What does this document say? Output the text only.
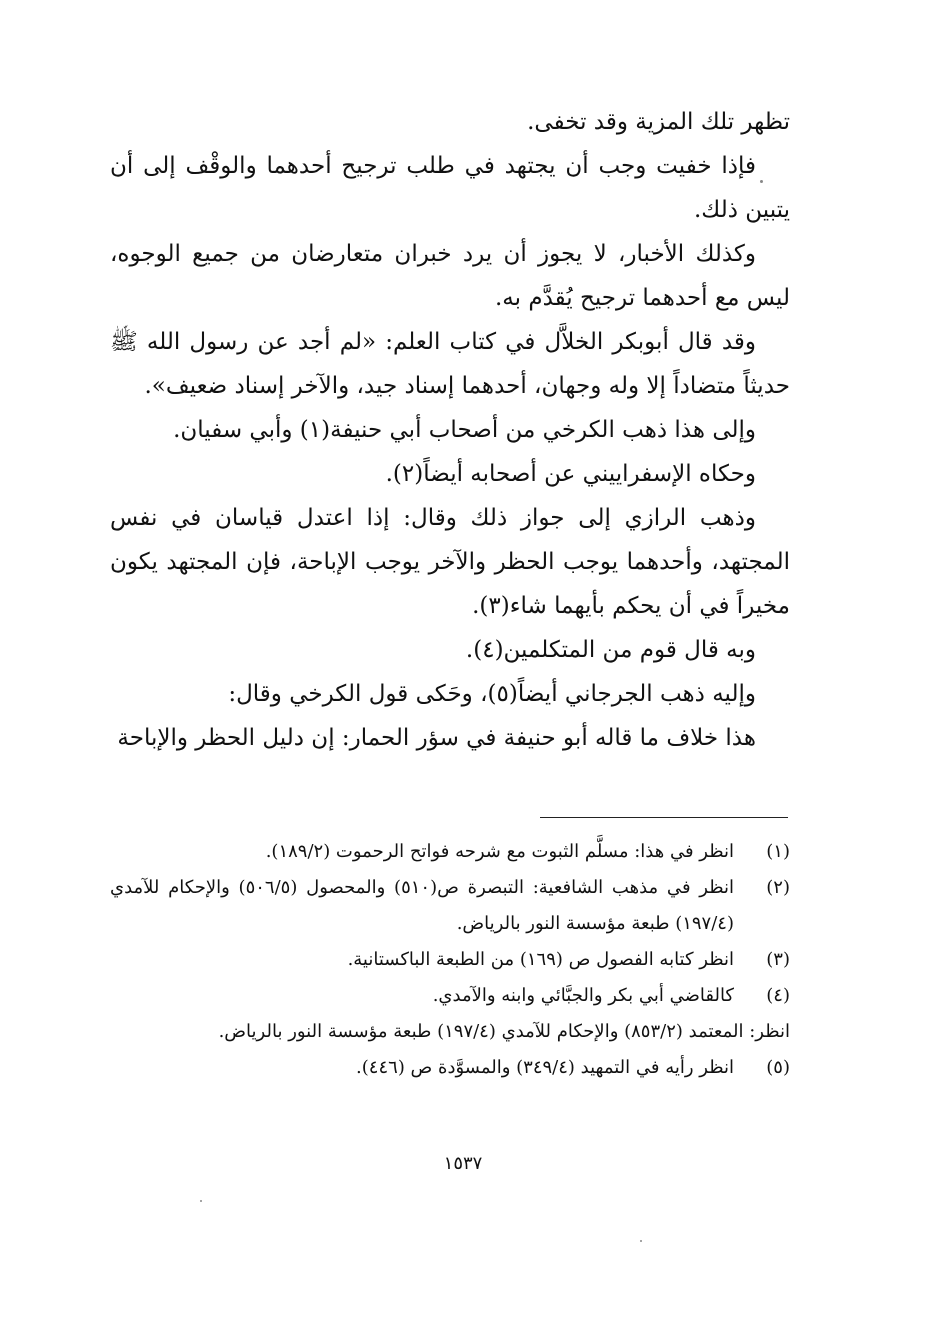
تظهر تلك المزية وقد تخفى.

فإذا خفيت وجب أن يجتهد في طلب ترجيح أحدهما والوقْف إلى أن يتبين ذلك.

وكذلك الأخبار، لا يجوز أن يرد خبران متعارضان من جميع الوجوه، ليس مع أحدهما ترجيح يُقدَّم به.

وقد قال أبوبكر الخلاَّل في كتاب العلم: «لم أجد عن رسول الله ﷺ حديثاً متضاداً إلا وله وجهان، أحدهما إسناد جيد، والآخر إسناد ضعيف».

وإلى هذا ذهب الكرخي من أصحاب أبي حنيفة(١) وأبي سفيان.

وحكاه الإسفراييني عن أصحابه أيضاً(٢).

وذهب الرازي إلى جواز ذلك وقال: إذا اعتدل قياسان في نفس المجتهد، وأحدهما يوجب الحظر والآخر يوجب الإباحة، فإن المجتهد يكون مخيراً في أن يحكم بأيهما شاء(٣).

وبه قال قوم من المتكلمين(٤).

وإليه ذهب الجرجاني أيضاً(٥)، وحَكى قول الكرخي وقال:

هذا خلاف ما قاله أبو حنيفة في سؤر الحمار: إن دليل الحظر والإباحة

(١)
انظر في هذا: مسلَّم الثبوت مع شرحه فواتح الرحموت (١٨٩/٢).
(٢)
انظر في مذهب الشافعية: التبصرة ص(٥١٠) والمحصول (٥٠٦/٥) والإحكام للآمدي (١٩٧/٤) طبعة مؤسسة النور بالرياض.
(٣)
انظر كتابه الفصول ص (١٦٩) من الطبعة الباكستانية.
(٤)
كالقاضي أبي بكر والجبَّائي وابنه والآمدي.
انظر: المعتمد (٨٥٣/٢) والإحكام للآمدي (١٩٧/٤) طبعة مؤسسة النور بالرياض.
(٥)
انظر رأيه في التمهيد (٣٤٩/٤) والمسوَّدة ص (٤٤٦).
١٥٣٧
